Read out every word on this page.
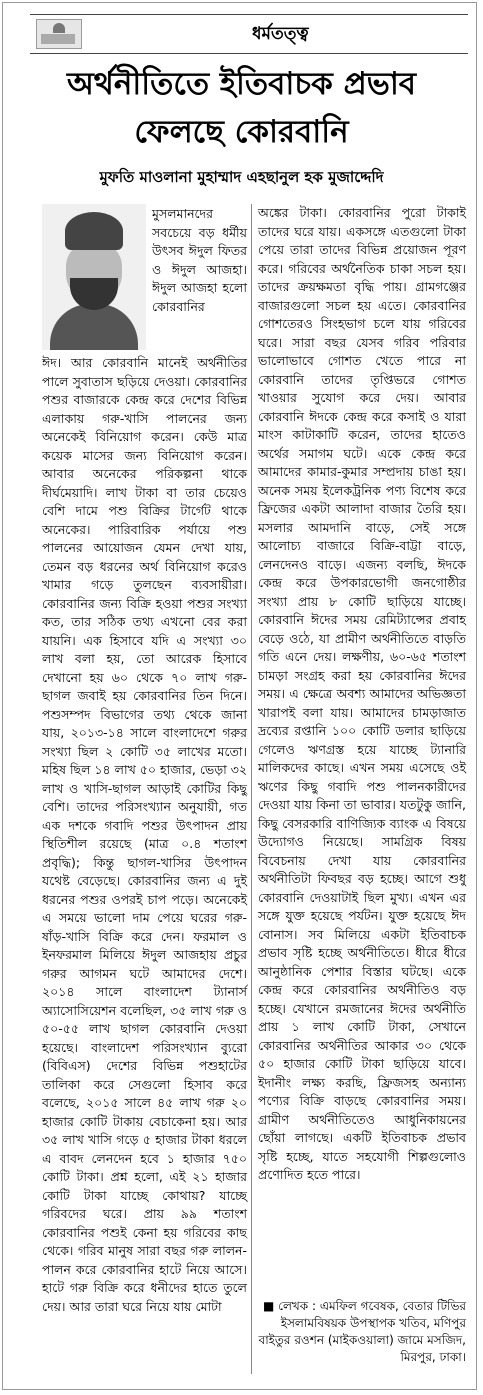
ধর্মতত্ত্ব
অর্থনীতিতে ইতিবাচক প্রভাব
ফেলছে কোরবানি
মুফতি মাওলানা মুহাম্মাদ এহছানুল হক মুজাদ্দেদি
মুসলমানদের সবচেয়ে বড় ধর্মীয় উৎসব ঈদুল ফিতর ও ঈদুল আজহা। ঈদুল আজহা হলো কোরবানির
ঈদ। আর কোরবানি মানেই অর্থনীতির পালে সুবাতাস ছড়িয়ে দেওয়া। কোরবানির পশুর বাজারকে কেন্দ্র করে দেশের বিভিন্ন এলাকায় গরু-খাসি পালনের জন্য অনেকেই বিনিয়োগ করেন। কেউ মাত্র কয়েক মাসের জন্য বিনিয়োগ করেন। আবার অনেকের পরিকল্পনা থাকে দীর্ঘমেয়াদি। লাখ টাকা বা তার চেয়েও বেশি দামে পশু বিক্রির টার্গেট থাকে অনেকের। পারিবারিক পর্যায়ে পশু পালনের আয়োজন যেমন দেখা যায়, তেমন বড় ধরনের অর্থ বিনিয়োগ করেও খামার গড়ে তুলছেন ব্যবসায়ীরা। কোরবানির জন্য বিক্রি হওয়া পশুর সংখ্যা কত, তার সঠিক তথ্য এখনো বের করা যায়নি। এক হিসাবে যদি এ সংখ্যা ৩০ লাখ বলা হয়, তো আরেক হিসাবে দেখানো হয় ৬০ থেকে ৭০ লাখ গরু-ছাগল জবাই হয় কোরবানির তিন দিনে। পশুসম্পদ বিভাগের তথ্য থেকে জানা যায়, ২০১৩-১৪ সালে বাংলাদেশে গরুর সংখ্যা ছিল ২ কোটি ৩৫ লাখের মতো। মহিষ ছিল ১৪ লাখ ৫০ হাজার, ভেড়া ৩২ লাখ ও খাসি-ছাগল আড়াই কোটির কিছু বেশি। তাদের পরিসংখ্যান অনুযায়ী, গত এক দশকে গবাদি পশুর উৎপাদন প্রায় স্থিতিশীল রয়েছে (মাত্র ০.৪ শতাংশ প্রবৃদ্ধি); কিন্তু ছাগল-খাসির উৎপাদন যথেষ্ট বেড়েছে। কোরবানির জন্য এ দুই ধরনের পশুর ওপরই চাপ পড়ে। অনেকেই এ সময়ে ভালো দাম পেয়ে ঘরের গরু-ষাঁড়-খাসি বিক্রি করে দেন। ফরমাল ও ইনফরমাল মিলিয়ে ঈদুল আজহায় প্রচুর গরুর আগমন ঘটে আমাদের দেশে। ২০১৪ সালে বাংলাদেশ ট্যানার্স অ্যাসোসিয়েশন বলেছিল, ৩৫ লাখ গরু ও ৫০-৫৫ লাখ ছাগল কোরবানি দেওয়া হয়েছে। বাংলাদেশ পরিসংখ্যান ব্যুরো (বিবিএস) দেশের বিভিন্ন পশুহাটের তালিকা করে সেগুলো হিসাব করে বলেছে, ২০১৫ সালে ৪৫ লাখ গরু ২০ হাজার কোটি টাকায় বেচাকেনা হয়। আর ৩৫ লাখ খাসি গড়ে ৫ হাজার টাকা ধরলে এ বাবদ লেনদেন হবে ১ হাজার ৭৫০ কোটি টাকা। প্রশ্ন হলো, এই ২১ হাজার কোটি টাকা যাচ্ছে কোথায়? যাচ্ছে গরিবদের ঘরে। প্রায় ৯৯ শতাংশ কোরবানির পশুই কেনা হয় গরিবের কাছ থেকে। গরিব মানুষ সারা বছর গরু লালন-পালন করে কোরবানির হাটে নিয়ে আসে। হাটে গরু বিক্রি করে ধনীদের হাতে তুলে দেয়। আর তারা ঘরে নিয়ে যায় মোটা
অঙ্কের টাকা। কোরবানির পুরো টাকাই তাদের ঘরে যায়। একসঙ্গে এতগুলো টাকা পেয়ে তারা তাদের বিভিন্ন প্রয়োজন পূরণ করে। গরিবের অর্থনৈতিক চাকা সচল হয়। তাদের ক্রয়ক্ষমতা বৃদ্ধি পায়। গ্রামগঞ্জের বাজারগুলো সচল হয় এতে। কোরবানির গোশতেরও সিংহভাগ চলে যায় গরিবের ঘরে। সারা বছর যেসব গরিব পরিবার ভালোভাবে গোশত খেতে পারে না কোরবানি তাদের তৃপ্তিভরে গোশত খাওয়ার সুযোগ করে দেয়। আবার কোরবানি ঈদকে কেন্দ্র করে কসাই ও যারা মাংস কাটাকাটি করেন, তাদের হাতেও অর্থের সমাগম ঘটে। একে কেন্দ্র করে আমাদের কামার-কুমার সম্প্রদায় চাঙা হয়। অনেক সময় ইলেকট্রনিক পণ্য বিশেষ করে ফ্রিজের একটা আলাদা বাজার তৈরি হয়। মসলার আমদানি বাড়ে, সেই সঙ্গে আলোচ্য বাজারে বিক্রি-বাট্টা বাড়ে, লেনদেনও বাড়ে। এজন্য বলছি, ঈদকে কেন্দ্র করে উপকারভোগী জনগোষ্ঠীর সংখ্যা প্রায় ৮ কোটি ছাড়িয়ে যাচ্ছে। কোরবানি ঈদের সময় রেমিট্যান্সের প্রবাহ বেড়ে ওঠে, যা প্রামীণ অর্থনীতিতে বাড়তি গতি এনে দেয়। লক্ষণীয়, ৬০-৬৫ শতাংশ চামড়া সংগ্রহ করা হয় কোরবানির ঈদের সময়। এ ক্ষেত্রে অবশ্য আমাদের অভিজ্ঞতা খারাপই বলা যায়। আমাদের চামড়াজাত দ্রব্যের রপ্তানি ১০০ কোটি ডলার ছাড়িয়ে গেলেও ঋণগ্রস্ত হয়ে যাচ্ছে ট্যানারি মালিকদের কাছে। এখন সময় এসেছে ওই ঋণের কিছু গবাদি পশু পালনকারীদের দেওয়া যায় কিনা তা ভাবার। যতটুকু জানি, কিছু বেসরকারি বাণিজ্যিক ব্যাংক এ বিষয়ে উদ্যোগও নিয়েছে। সামগ্রিক বিষয় বিবেচনায় দেখা যায় কোরবানির অর্থনীতিটা ফিবছর বড় হচ্ছে। আগে শুধু কোরবানি দেওয়াটাই ছিল মুখ্য। এখন এর সঙ্গে যুক্ত হয়েছে পর্যটন। যুক্ত হয়েছে ঈদ বোনাস। সব মিলিয়ে একটা ইতিবাচক প্রভাব সৃষ্টি হচ্ছে অর্থনীতিতে। ধীরে ধীরে আনুষ্ঠানিক পেশার বিস্তার ঘটছে। একে কেন্দ্র করে কোরবানির অর্থনীতিও বড় হচ্ছে। যেখানে রমজানের ঈদের অর্থনীতি প্রায় ১ লাখ কোটি টাকা, সেখানে কোরবানির অর্থনীতির আকার ৩০ থেকে ৫০ হাজার কোটি টাকা ছাড়িয়ে যাবে। ইদানীং লক্ষ্য করছি, ফ্রিজসহ অন্যান্য পণ্যের বিক্রি বাড়ছে কোরবানির সময়। গ্রামীণ অর্থনীতিতেও আধুনিকায়নের ছোঁয়া লাগছে। একটি ইতিবাচক প্রভাব সৃষ্টি হচ্ছে, যাতে সহযোগী শিল্পগুলোও প্রণোদিত হতে পারে।
■ লেখক : এমফিল গবেষক, বেতার টিভির ইসলামবিষয়ক উপস্থাপক খতিব, মণিপুর বাইতুর রওশন (মাইকওয়ালা) জামে মসজিদ, মিরপুর, ঢাকা।
